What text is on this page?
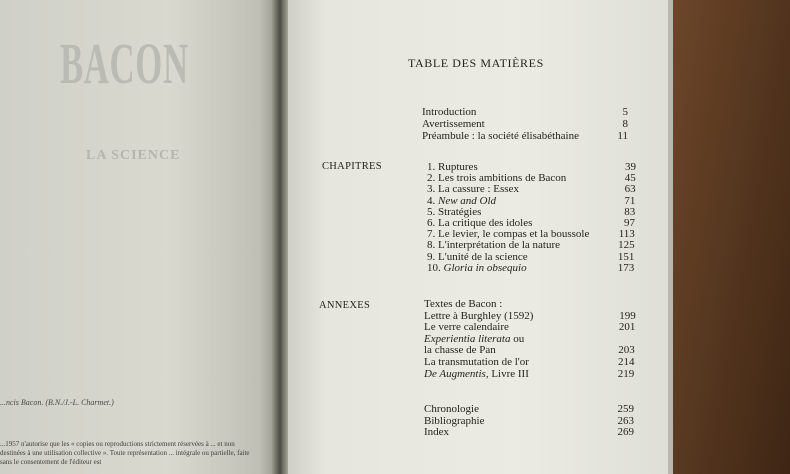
BACON
LA SCIENCE
...ncis Bacon. (B.N./J.-L. Charmet.)
...1957 n'autorise que les « copies ou reproductions strictement réservées à ... et non destinées à une utilisation collective ». Toute représentation ... intégrale ou partielle, faite sans le consentement de l'éditeur est
TABLE DES MATIÈRES
CHAPITRES
ANNEXES
Introduction	5
Avertissement	8
Préambule : la société élisabéthaine	11
1. Ruptures	39
2. Les trois ambitions de Bacon	45
3. La cassure : Essex	63
4. New and Old	71
5. Stratégies	83
6. La critique des idoles	97
7. Le levier, le compas et la boussole	113
8. L'interprétation de la nature	125
9. L'unité de la science	151
10. Gloria in obsequio	173
Textes de Bacon :
Lettre à Burghley (1592)	199
Le verre calendaire	201
Experientia literata ou
la chasse de Pan	203
La transmutation de l'or	214
De Augmentis, Livre III	219
Chronologie	259
Bibliographie	263
Index	269
